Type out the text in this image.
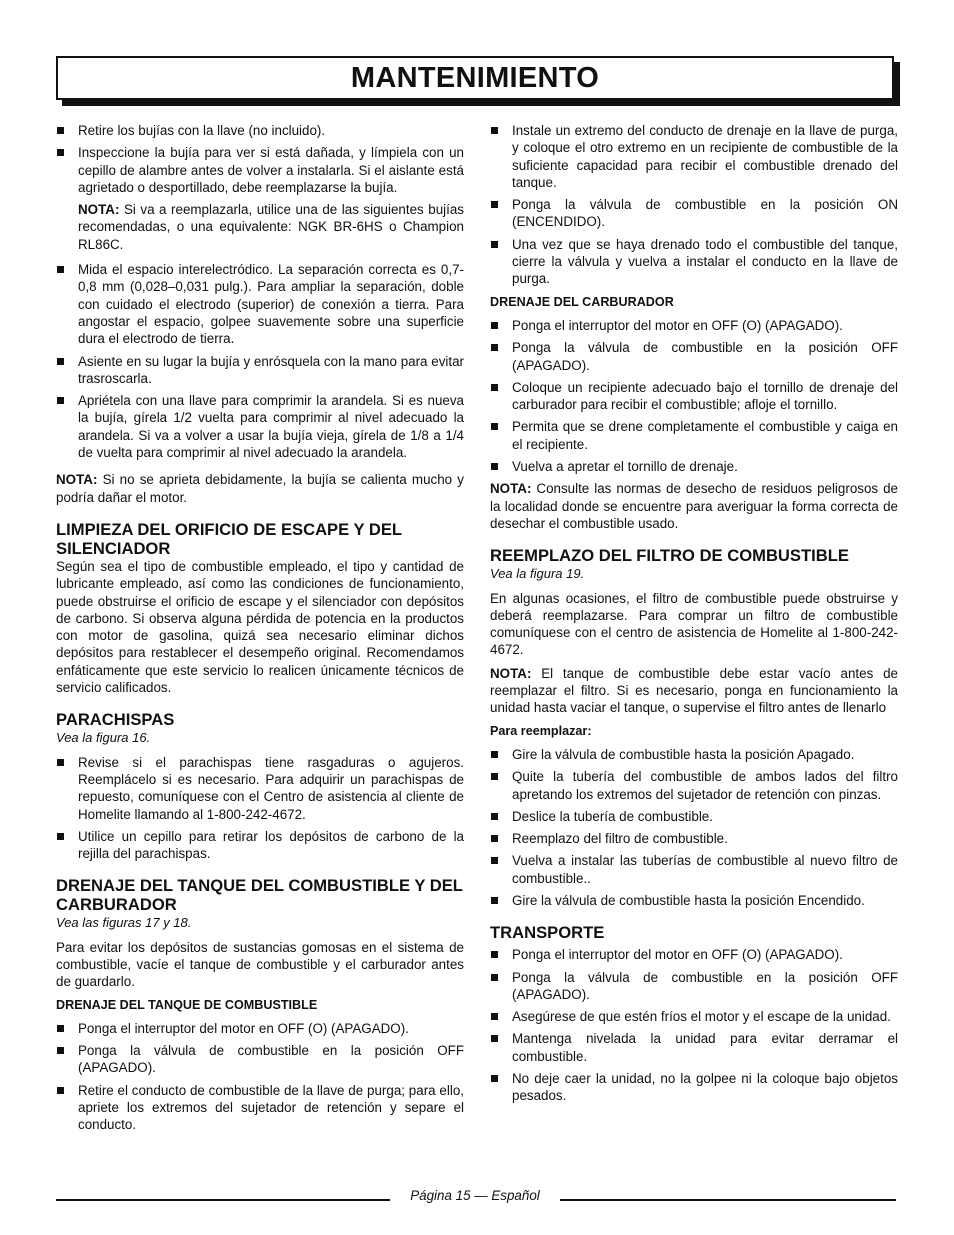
MANTENIMIENTO
Retire los bujías con la llave (no incluido).
Inspeccione la bujía para ver si está dañada, y límpiela con un cepillo de alambre antes de volver a instalarla. Si el aislante está agrietado o desportillado, debe reemplazarse la bujía.
NOTA: Si va a reemplazarla, utilice una de las siguientes bujías recomendadas, o una equivalente: NGK BR-6HS o Champion RL86C.
Mida el espacio interelectródico. La separación correcta es 0,7-0,8 mm (0,028–0,031 pulg.). Para ampliar la separación, doble con cuidado el electrodo (superior) de conexión a tierra. Para angostar el espacio, golpee suavemente sobre una superficie dura el electrodo de tierra.
Asiente en su lugar la bujía y enrósquela con la mano para evitar trasroscarla.
Apriétela con una llave para comprimir la arandela. Si es nueva la bujía, gírela 1/2 vuelta para comprimir al nivel adecuado la arandela. Si va a volver a usar la bujía vieja, gírela de 1/8 a 1/4 de vuelta para comprimir al nivel adecuado la arandela.

NOTA: Si no se aprieta debidamente, la bujía se calienta mucho y podría dañar el motor.

LIMPIEZA DEL ORIFICIO DE ESCAPE Y DEL SILENCIADOR

Según sea el tipo de combustible empleado, el tipo y cantidad de lubricante empleado, así como las condiciones de funcionamiento, puede obstruirse el orificio de escape y el silenciador con depósitos de carbono. Si observa alguna pérdida de potencia en la productos con motor de gasolina, quizá sea necesario eliminar dichos depósitos para restablecer el desempeño original. Recomendamos enfáticamente que este servicio lo realicen únicamente técnicos de servicio calificados.

PARACHISPAS
Vea la figura 16.
Revise si el parachispas tiene rasgaduras o agujeros. Reemplácelo si es necesario. Para adquirir un parachispas de repuesto, comuníquese con el Centro de asistencia al cliente de Homelite llamando al 1-800-242-4672.
Utilice un cepillo para retirar los depósitos de carbono de la rejilla del parachispas.
DRENAJE DEL TANQUE DEL COMBUSTIBLE Y DEL CARBURADOR
Vea las figuras 17 y 18.

Para evitar los depósitos de sustancias gomosas en el sistema de combustible, vacíe el tanque de combustible y el carburador antes de guardarlo.

DRENAJE DEL TANQUE DE COMBUSTIBLE
Ponga el interruptor del motor en OFF (O) (APAGADO).
Ponga la válvula de combustible en la posición OFF (APAGADO).
Retire el conducto de combustible de la llave de purga; para ello, apriete los extremos del sujetador de retención y separe el conducto.
Instale un extremo del conducto de drenaje en la llave de purga, y coloque el otro extremo en un recipiente de combustible de la suficiente capacidad para recibir el combustible drenado del tanque.
Ponga la válvula de combustible en la posición ON (ENCENDIDO).
Una vez que se haya drenado todo el combustible del tanque, cierre la válvula y vuelva a instalar el conducto en la llave de purga.
DRENAJE DEL CARBURADOR
Ponga el interruptor del motor en OFF (O) (APAGADO).
Ponga la válvula de combustible en la posición OFF (APAGADO).
Coloque un recipiente adecuado bajo el tornillo de drenaje del carburador para recibir el combustible; afloje el tornillo.
Permita que se drene completamente el combustible y caiga en el recipiente.
Vuelva a apretar el tornillo de drenaje.

NOTA: Consulte las normas de desecho de residuos peligrosos de la localidad donde se encuentre para averiguar la forma correcta de desechar el combustible usado.

REEMPLAZO DEL FILTRO DE COMBUSTIBLE
Vea la figura 19.

En algunas ocasiones, el filtro de combustible puede obstruirse y deberá reemplazarse. Para comprar un filtro de combustible comuníquese con el centro de asistencia de Homelite al 1-800-242-4672.

NOTA: El tanque de combustible debe estar vacío antes de reemplazar el filtro. Si es necesario, ponga en funcionamiento la unidad hasta vaciar el tanque, o supervise el filtro antes de llenarlo

Para reemplazar:
Gire la válvula de combustible hasta la posición Apagado.
Quite la tubería del combustible de ambos lados del filtro apretando los extremos del sujetador de retención con pinzas.
Deslice la tubería de combustible.
Reemplazo del filtro de combustible.
Vuelva a instalar las tuberías de combustible al nuevo filtro de combustible..
Gire la válvula de combustible hasta la posición Encendido.
TRANSPORTE
Ponga el interruptor del motor en OFF (O) (APAGADO).
Ponga la válvula de combustible en la posición OFF (APAGADO).
Asegúrese de que estén fríos el motor y el escape de la unidad.
Mantenga nivelada la unidad para evitar derramar el combustible.
No deje caer la unidad, no la golpee ni la coloque bajo objetos pesados.
Página 15 — Español
